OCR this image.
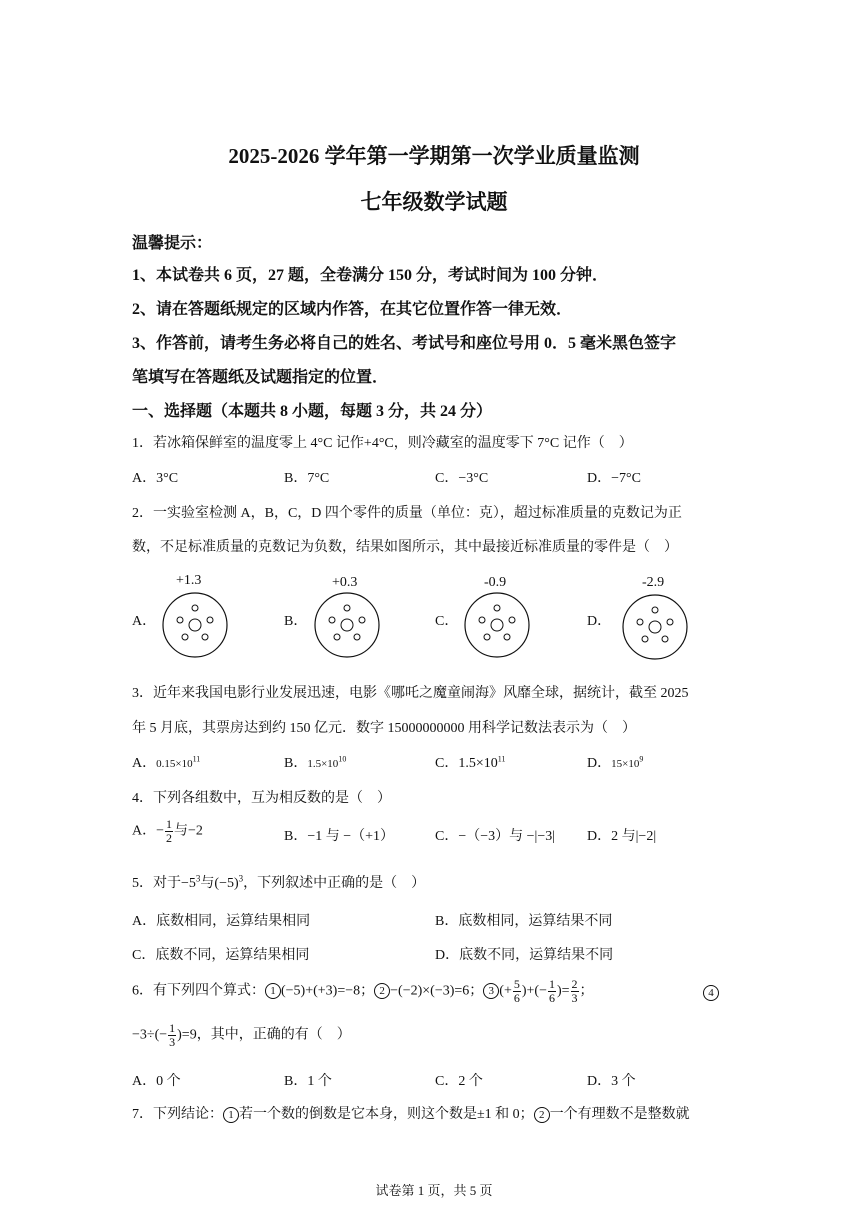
2025-2026 学年第一学期第一次学业质量监测
七年级数学试题
温馨提示：
1、本试卷共 6 页，27 题，全卷满分 150 分，考试时间为 100 分钟．
2、请在答题纸规定的区域内作答，在其它位置作答一律无效．
3、作答前，请考生务必将自己的姓名、考试号和座位号用 0．5 毫米黑色签字
笔填写在答题纸及试题指定的位置．
一、选择题（本题共 8 小题，每题 3 分，共 24 分）
1．若冰箱保鲜室的温度零上 4°C 记作+4°C，则冷藏室的温度零下 7°C 记作（　）
A．3°C	B．7°C	C．−3°C	D．−7°C
2．一实验室检测 A，B，C，D 四个零件的质量（单位：克），超过标准质量的克数记为正
数，不足标准质量的克数记为负数，结果如图所示，其中最接近标准质量的零件是（　）
A．
+1.3
B．
+0.3
C．
-0.9
D．
-2.9
3．近年来我国电影行业发展迅速，电影《哪吒之魔童闹海》风靡全球，据统计，截至 2025
年 5 月底，其票房达到约 150 亿元．数字 15000000000 用科学记数法表示为（　）
A．$0.15\times 10^{11}$	B．$1.5\times 10^{10}$	C．$1.5\times 10^{11}$	D．$15\times 10^9$
4．下列各组数中，互为相反数的是（　）
A．− $\frac{1}{2}$ 与−2	B．−1 与 −（+1）	C．−（−3）与 −|−3| D．2 与|−2|
5．对于$-5^3$与$(-5)^3$，下列叙述中正确的是（　）
A．底数相同，运算结果相同	B．底数相同，运算结果不同
C．底数不同，运算结果相同	D．底数不同，运算结果不同
6．有下列四个算式： 1 (−5)+(+3)=−8； 2 −(−2)×(−3)=6； 3 (+ $\frac{5}{6}$ )+(− $\frac{1}{6}$ )= $\frac{2}{3}$ ；	4
$-3\div(- \frac{1}{3} )=9$，其中，正确的有（　）
A．0 个	B．1 个	C．2 个	D．3 个
7．下列结论： 1 若一个数的倒数是它本身，则这个数是±1 和 0； 2 一个有理数不是整数就
试卷第 1 页，共 5 页
